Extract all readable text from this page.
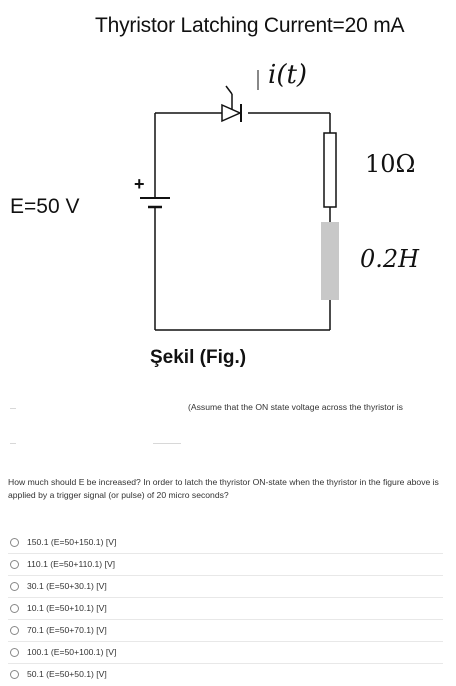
Thyristor Latching Current=20 mA
E=50 V
+
i(t)
10Ω
0.2H
Şekil (Fig.)
(Assume that the ON state voltage across the thyristor is
How much should E be increased? In order to latch the thyristor ON-state when the thyristor in the figure above is applied by a trigger signal (or pulse) of 20 micro seconds?
150.1 (E=50+150.1) [V]
110.1 (E=50+110.1) [V]
30.1 (E=50+30.1) [V]
10.1 (E=50+10.1) [V]
70.1 (E=50+70.1) [V]
100.1 (E=50+100.1) [V]
50.1 (E=50+50.1) [V]
